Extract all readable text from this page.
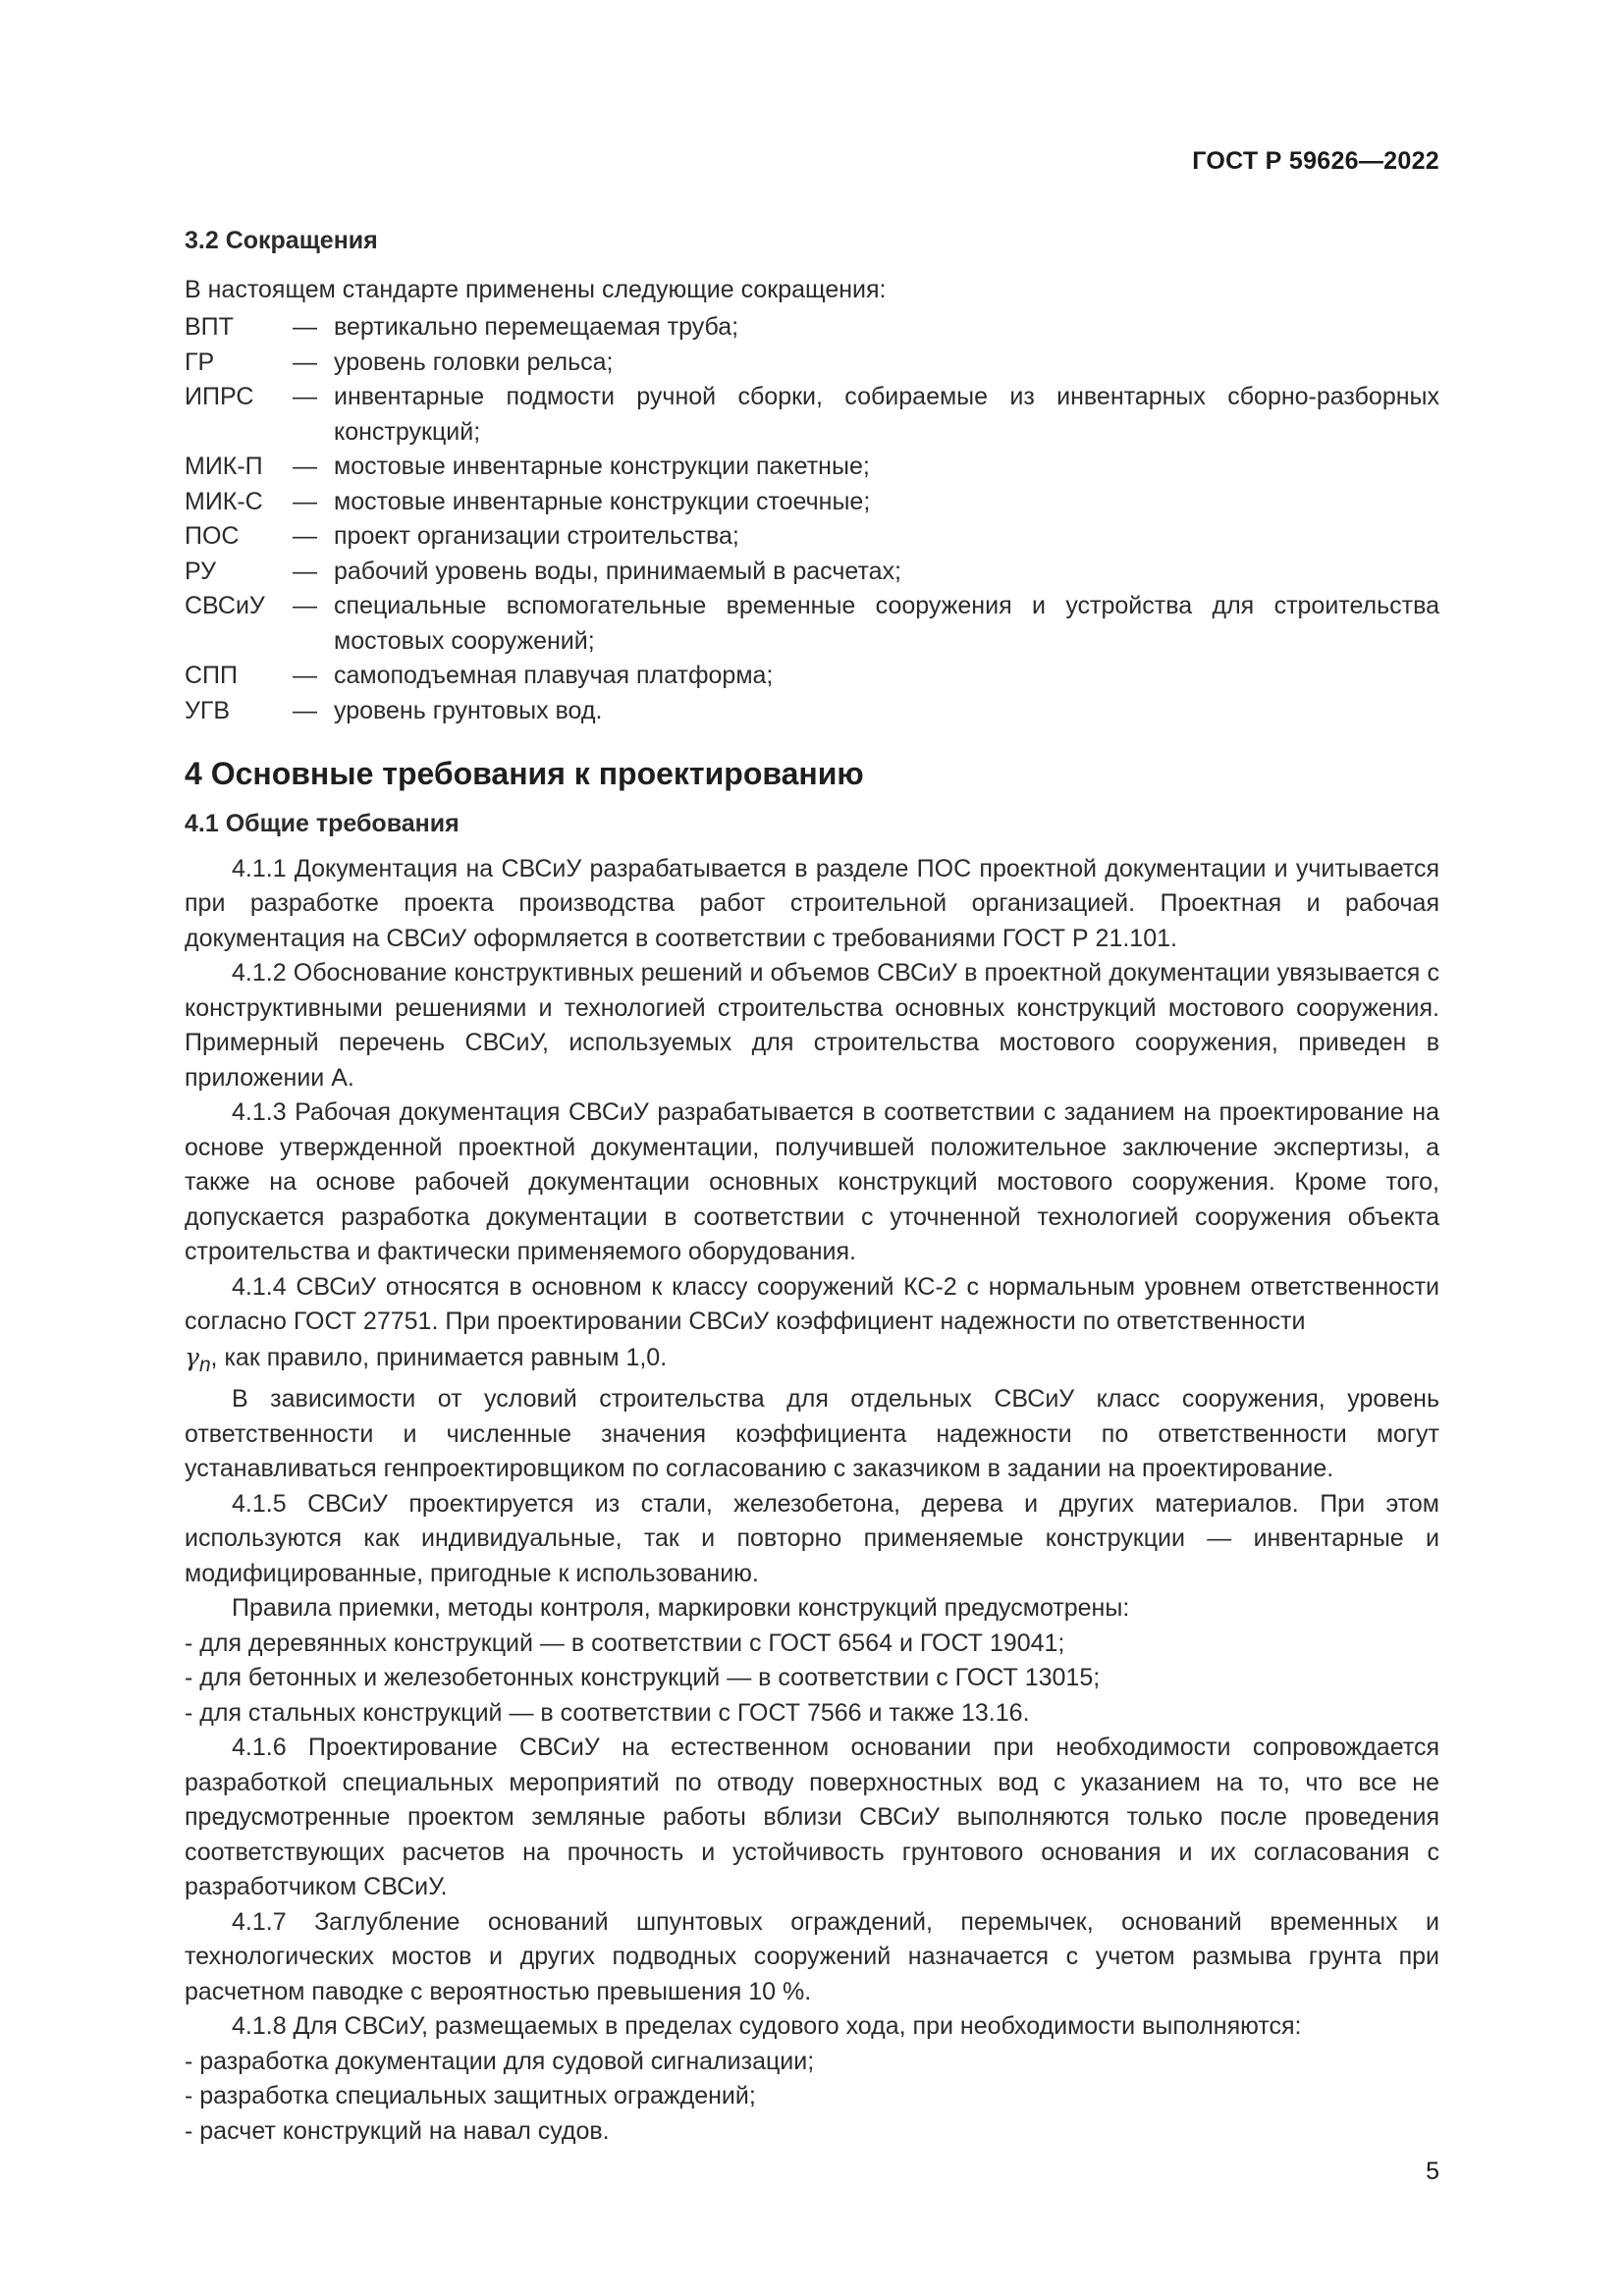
ГОСТ Р 59626—2022
3.2 Сокращения
В настоящем стандарте применены следующие сокращения:
ВПТ	— вертикально перемещаемая труба;
ГР	— уровень головки рельса;
ИПРС	— инвентарные подмости ручной сборки, собираемые из инвентарных сборно-разборных конструкций;
МИК-П	— мостовые инвентарные конструкции пакетные;
МИК-С	— мостовые инвентарные конструкции стоечные;
ПОС	— проект организации строительства;
РУ	— рабочий уровень воды, принимаемый в расчетах;
СВСиУ	— специальные вспомогательные временные сооружения и устройства для строительства мостовых сооружений;
СПП	— самоподъемная плавучая платформа;
УГВ	— уровень грунтовых вод.
4 Основные требования к проектированию
4.1 Общие требования

4.1.1 Документация на СВСиУ разрабатывается в разделе ПОС проектной документации и учитывается при разработке проекта производства работ строительной организацией. Проектная и рабочая документация на СВСиУ оформляется в соответствии с требованиями ГОСТ Р 21.101.

4.1.2 Обоснование конструктивных решений и объемов СВСиУ в проектной документации увязывается с конструктивными решениями и технологией строительства основных конструкций мостового сооружения. Примерный перечень СВСиУ, используемых для строительства мостового сооружения, приведен в приложении А.

4.1.3 Рабочая документация СВСиУ разрабатывается в соответствии с заданием на проектирование на основе утвержденной проектной документации, получившей положительное заключение экспертизы, а также на основе рабочей документации основных конструкций мостового сооружения. Кроме того, допускается разработка документации в соответствии с уточненной технологией сооружения объекта строительства и фактически применяемого оборудования.

4.1.4 СВСиУ относятся в основном к классу сооружений КС-2 с нормальным уровнем ответственности согласно ГОСТ 27751. При проектировании СВСиУ коэффициент надежности по ответственности
$\gamma_n$, как правило, принимается равным 1,0.

В зависимости от условий строительства для отдельных СВСиУ класс сооружения, уровень ответственности и численные значения коэффициента надежности по ответственности могут устанавливаться генпроектировщиком по согласованию с заказчиком в задании на проектирование.

4.1.5 СВСиУ проектируется из стали, железобетона, дерева и других материалов. При этом используются как индивидуальные, так и повторно применяемые конструкции — инвентарные и модифицированные, пригодные к использованию.

Правила приемки, методы контроля, маркировки конструкций предусмотрены:

- для деревянных конструкций — в соответствии с ГОСТ 6564 и ГОСТ 19041;

- для бетонных и железобетонных конструкций — в соответствии с ГОСТ 13015;

- для стальных конструкций — в соответствии с ГОСТ 7566 и также 13.16.

4.1.6 Проектирование СВСиУ на естественном основании при необходимости сопровождается разработкой специальных мероприятий по отводу поверхностных вод с указанием на то, что все не предусмотренные проектом земляные работы вблизи СВСиУ выполняются только после проведения соответствующих расчетов на прочность и устойчивость грунтового основания и их согласования с разработчиком СВСиУ.

4.1.7 Заглубление оснований шпунтовых ограждений, перемычек, оснований временных и технологических мостов и других подводных сооружений назначается с учетом размыва грунта при расчетном паводке с вероятностью превышения 10 %.

4.1.8 Для СВСиУ, размещаемых в пределах судового хода, при необходимости выполняются:

- разработка документации для судовой сигнализации;

- разработка специальных защитных ограждений;

- расчет конструкций на навал судов.

5
